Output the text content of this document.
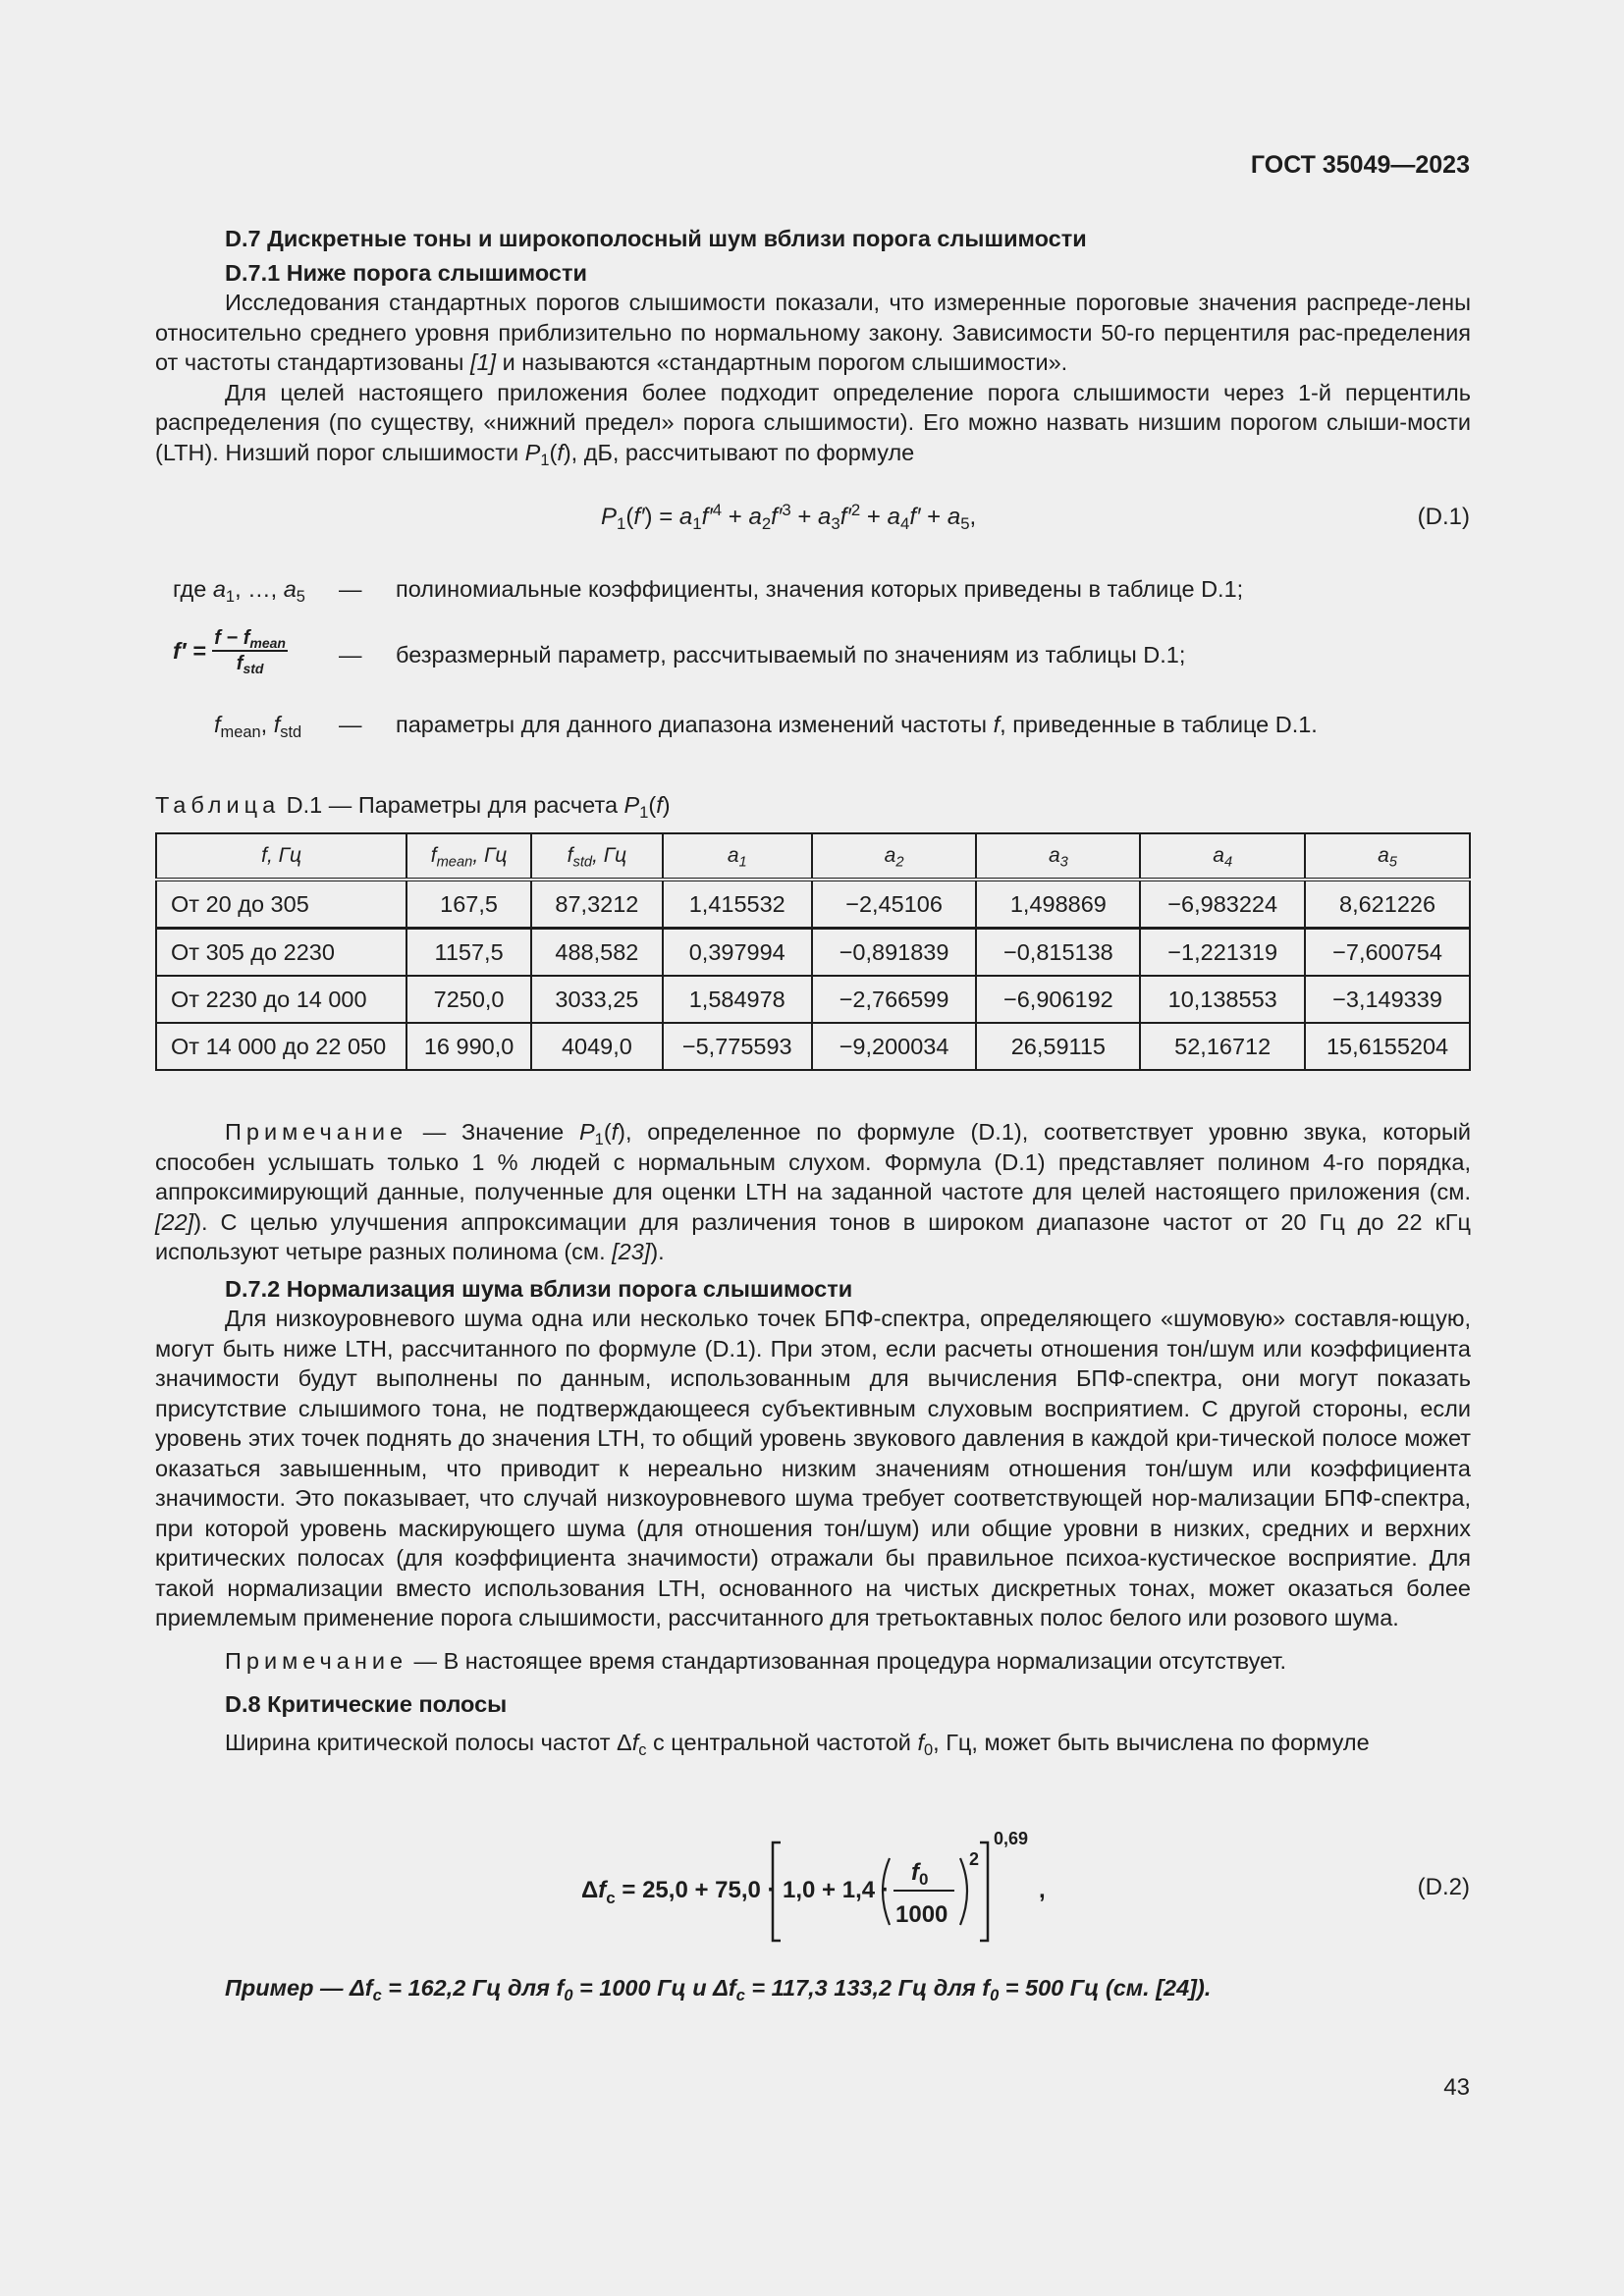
ГОСТ 35049—2023
D.7 Дискретные тоны и широкополосный шум вблизи порога слышимости
D.7.1 Ниже порога слышимости

Исследования стандартных порогов слышимости показали, что измеренные пороговые значения распреде-лены относительно среднего уровня приблизительно по нормальному закону. Зависимости 50-го перцентиля рас-пределения от частоты стандартизованы [1] и называются «стандартным порогом слышимости».

Для целей настоящего приложения более подходит определение порога слышимости через 1-й перцентиль распределения (по существу, «нижний предел» порога слышимости). Его можно назвать низшим порогом слыши-мости (LTH). Низший порог слышимости $P_1(f)$, дБ, рассчитывают по формуле

$P_1(f') = a_1f'^4 + a_2f'^3 + a_3f'^2 + a_4f' + a_5$,	(D.1)
где $a_1$, …, $a_5$ — полиномиальные коэффициенты, значения которых приведены в таблице D.1;
$f' = \frac{f - f_{mean}}{f_{std}}$ — безразмерный параметр, рассчитываемый по значениям из таблицы D.1;
$f_{mean}$, $f_{std}$ — параметры для данного диапазона изменений частоты f, приведенные в таблице D.1.
Таблица D.1 — Параметры для расчета $P_1(f)$
f, Гц	$f_{mean}$, Гц	$f_{std}$, Гц	$a_1$	$a_2$	$a_3$	$a_4$	$a_5$
От 20 до 305	167,5	87,3212	1,415532	−2,45106	1,498869	−6,983224	8,621226
От 305 до 2230	1157,5	488,582	0,397994	−0,891839	−0,815138	−1,221319	−7,600754
От 2230 до 14 000	7250,0	3033,25	1,584978	−2,766599	−6,906192	10,138553	−3,149339
От 14 000 до 22 050	16 990,0	4049,0	−5,775593	−9,200034	26,59115	52,16712	15,6155204

Примечание — Значение $P_1(f)$, определенное по формуле (D.1), соответствует уровню звука, который способен услышать только 1 % людей с нормальным слухом. Формула (D.1) представляет полином 4-го порядка, аппроксимирующий данные, полученные для оценки LTH на заданной частоте для целей настоящего приложения (см. [22]). С целью улучшения аппроксимации для различения тонов в широком диапазоне частот от 20 Гц до 22 кГц используют четыре разных полинома (см. [23]).

D.7.2 Нормализация шума вблизи порога слышимости

Для низкоуровневого шума одна или несколько точек БПФ-спектра, определяющего «шумовую» составля-ющую, могут быть ниже LTH, рассчитанного по формуле (D.1). При этом, если расчеты отношения тон/шум или коэффициента значимости будут выполнены по данным, использованным для вычисления БПФ-спектра, они могут показать присутствие слышимого тона, не подтверждающееся субъективным слуховым восприятием. С другой стороны, если уровень этих точек поднять до значения LTH, то общий уровень звукового давления в каждой кри-тической полосе может оказаться завышенным, что приводит к нереально низким значениям отношения тон/шум или коэффициента значимости. Это показывает, что случай низкоуровневого шума требует соответствующей нор-мализации БПФ-спектра, при которой уровень маскирующего шума (для отношения тон/шум) или общие уровни в низких, средних и верхних критических полосах (для коэффициента значимости) отражали бы правильное психоа-кустическое восприятие. Для такой нормализации вместо использования LTH, основанного на чистых дискретных тонах, может оказаться более приемлемым применение порога слышимости, рассчитанного для третьоктавных полос белого или розового шума.

Примечание — В настоящее время стандартизованная процедура нормализации отсутствует.

D.8 Критические полосы

Ширина критической полосы частот $\Delta f_c$ с центральной частотой $f_0$, Гц, может быть вычислена по формуле

$\Delta f_c = 25,0 + 75,0 \cdot 1,0 + 1,4$ ·
$f_0$
1000
2
0,69
,	(D.2)
Пример — $\Delta f_c = 162,2$ Гц для $f_0 = 1000$ Гц и $\Delta f_c = 117,3$ 133,2 Гц для $f_0 = 500$ Гц (см. [24]).
43
